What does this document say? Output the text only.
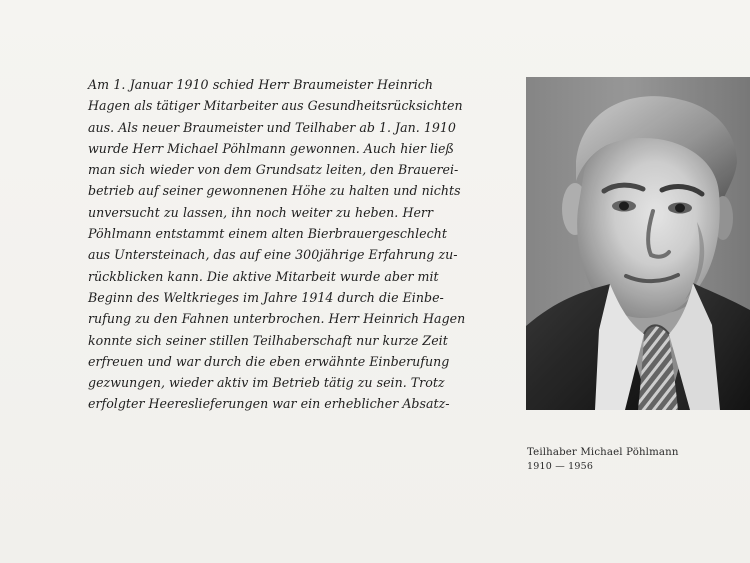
Am 1. Januar 1910 schied Herr Braumeister Heinrich
Hagen als tätiger Mitarbeiter aus Gesundheitsrücksichten
aus. Als neuer Braumeister und Teilhaber ab 1. Jan. 1910
wurde Herr Michael Pöhlmann gewonnen. Auch hier ließ
man sich wieder von dem Grundsatz leiten, den Brauerei-
betrieb auf seiner gewonnenen Höhe zu halten und nichts
unversucht zu lassen, ihn noch weiter zu heben. Herr
Pöhlmann entstammt einem alten Bierbrauergeschlecht
aus Untersteinach, das auf eine 300jährige Erfahrung zu-
rückblicken kann. Die aktive Mitarbeit wurde aber mit
Beginn des Weltkrieges im Jahre 1914 durch die Einbe-
rufung zu den Fahnen unterbrochen. Herr Heinrich Hagen
konnte sich seiner stillen Teilhaberschaft nur kurze Zeit
erfreuen und war durch die eben erwähnte Einberufung
gezwungen, wieder aktiv im Betrieb tätig zu sein. Trotz
erfolgter Heereslieferungen war ein erheblicher Absatz-

Teilhaber Michael Pöhlmann
1910 — 1956
